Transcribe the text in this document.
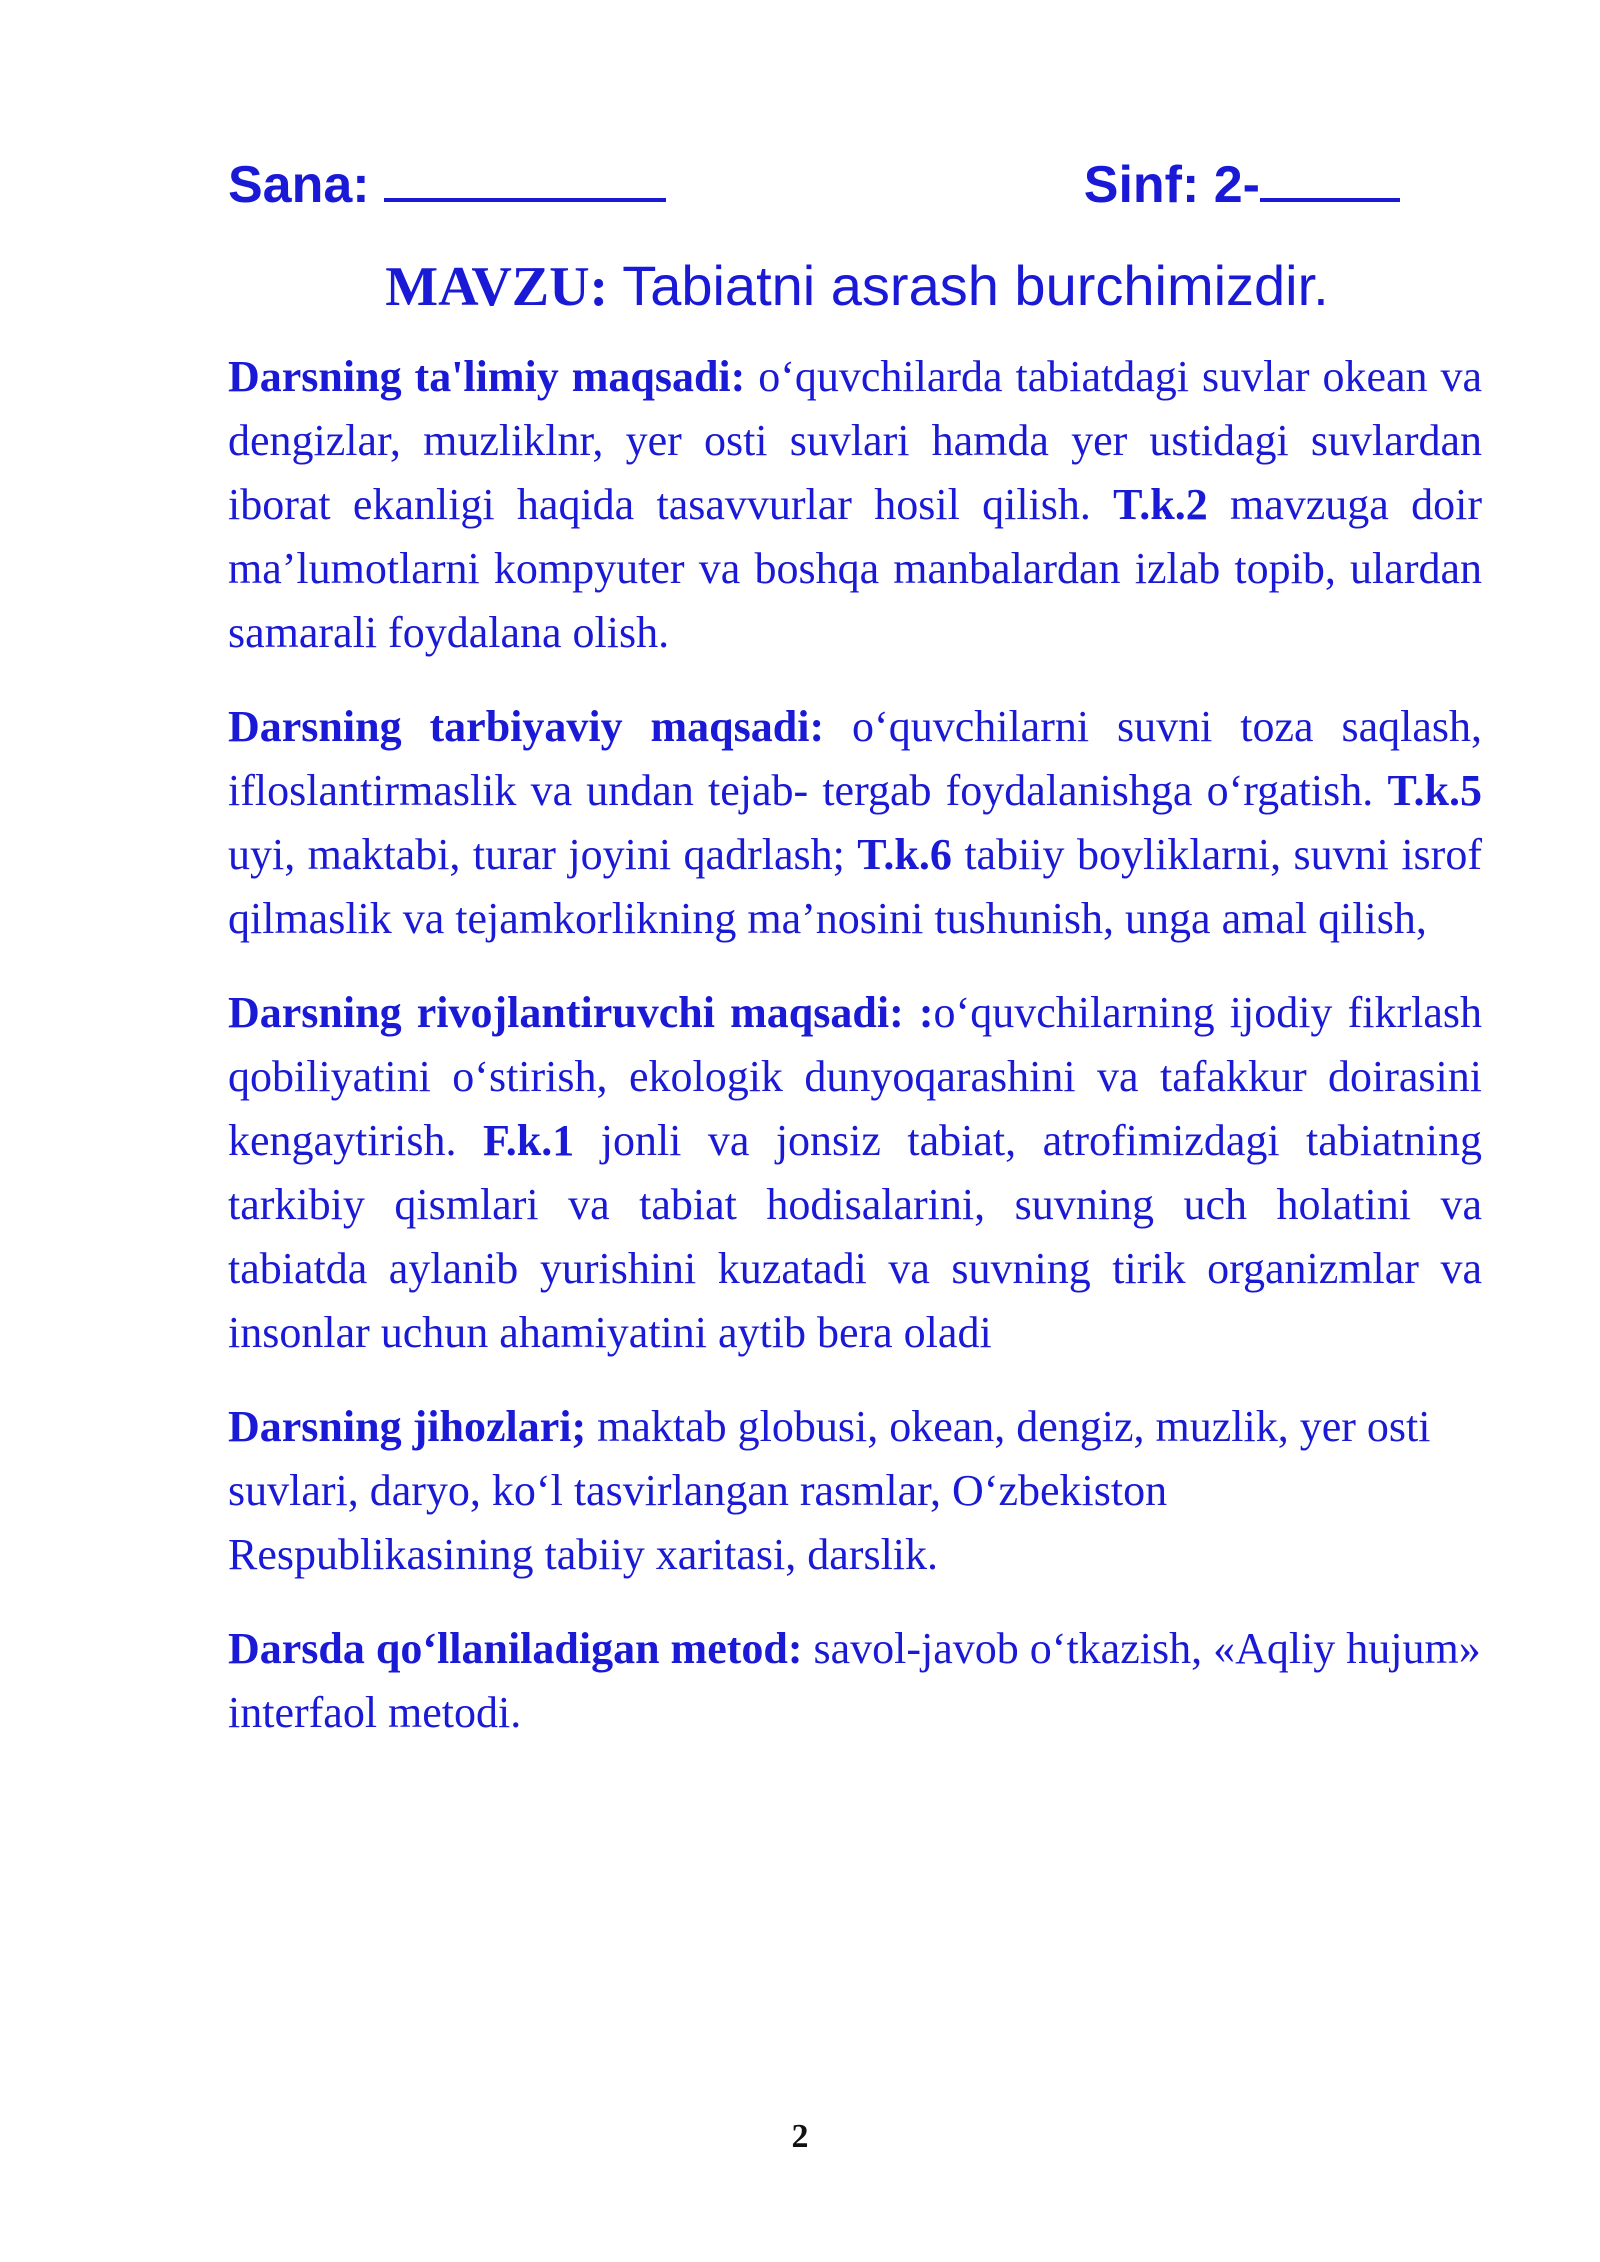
Sana:	Sinf: 2-
MAVZU: Tabiatni asrash burchimizdir.

Darsning ta'limiy maqsadi: o‘quvchilarda tabiatdagi suvlar okean va dengizlar, muzliklnr, yer osti suvlari hamda yer ustidagi suvlardan iborat ekanligi haqida tasavvurlar hosil qilish. T.k.2 mavzuga doir ma’lumotlarni kompyuter va boshqa manbalardan izlab topib, ulardan samarali foydalana olish.

Darsning tarbiyaviy maqsadi: o‘quvchilarni suvni toza saqlash, ifloslantirmaslik va undan tejab- tergab foydalanishga o‘rgatish. T.k.5 uyi, maktabi, turar joyini qadrlash; T.k.6 tabiiy boyliklarni, suvni isrof qilmaslik va tejamkorlikning ma’nosini tushunish, unga amal qilish,

Darsning rivojlantiruvchi maqsadi: :o‘quvchilarning ijodiy fikrlash qobiliyatini o‘stirish, ekologik dunyoqarashini va tafakkur doirasini kengaytirish. F.k.1 jonli va jonsiz tabiat, atrofimizdagi tabiatning tarkibiy qismlari va tabiat hodisalarini, suvning uch holatini va tabiatda aylanib yurishini kuzatadi va suvning tirik organizmlar va insonlar uchun ahamiyatini aytib bera oladi

Darsning jihozlari; maktab globusi, okean, dengiz, muzlik, yer osti suvlari, daryo, ko‘l tasvirlangan rasmlar, O‘zbekiston Respublikasining tabiiy xaritasi, darslik.

Darsda qo‘llaniladigan metod: savol-javob o‘tkazish, «Aqliy hujum» interfaol metodi.

2
